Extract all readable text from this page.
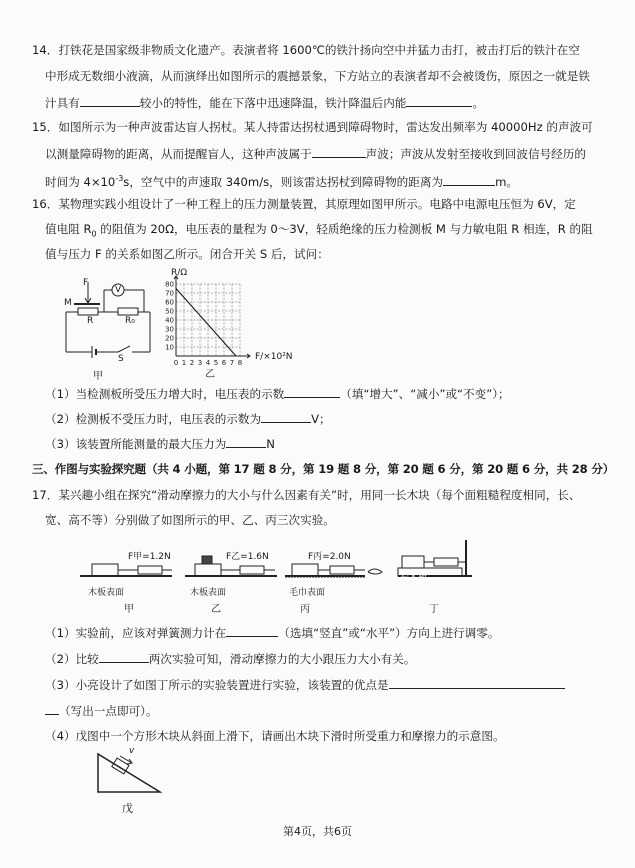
14．打铁花是国家级非物质文化遗产。表演者将 1600℃的铁汁扬向空中并猛力击打，被击打后的铁汁在空
中形成无数细小液滴，从而演绎出如图所示的震撼景象，下方站立的表演者却不会被烫伤，原因之一就是铁
汁具有	较小的特性，能在下落中迅速降温，铁汁降温后内能	。
15．如图所示为一种声波雷达盲人拐杖。某人持雷达拐杖遇到障碍物时，雷达发出频率为 40000Hz 的声波可
以测量障碍物的距离，从而提醒盲人，这种声波属于	声波；声波从发射至接收到回波信号经历的
时间为 $4\times 10^{-3}s$，空气中的声速取 340m/s，则该雷达拐杖到障碍物的距离为	m。
16．某物理实践小组设计了一种工程上的压力测量装置，其原理如图甲所示。电路中电源电压恒为 6V，定
值电阻 $R_0$ 的阻值为 20Ω，电压表的量程为 0～3V，轻质绝缘的压力检测板 M 与力敏电阻 R 相连，R 的阻
值与压力 F 的关系如图乙所示。闭合开关 S 后，试问：
F
M
R	R₀
V
S
甲
0 1 2 3 4 5 6 7 8
10
20
30
40
50
60
70
80
R/Ω
F/×10²N
乙
（1）当检测板所受压力增大时，电压表的示数	（填“增大”、“减小”或“不变”）；
（2）检测板不受压力时，电压表的示数为	V；
（3）该装置所能测量的最大压力为	N
三、作图与实验探究题（共 4 小题，第 17 题 8 分，第 19 题 8 分，第 20 题 6 分，第 20 题 6 分，共 28 分）
17．某兴趣小组在探究“滑动摩擦力的大小与什么因素有关”时，用同一长木块（每个面粗糙程度相同，长、
宽、高不等）分别做了如图所示的甲、乙、丙三次实验。
F甲=1.2N	F乙=1.6N	F丙=2.0N
木板表面	木板表面	毛巾表面
长木板
甲	乙	丙	丁
（1）实验前，应该对弹簧测力计在	（选填“竖直”或“水平”）方向上进行调零。
（2）比较	两次实验可知，滑动摩擦力的大小跟压力大小有关。
（3）小亮设计了如图丁所示的实验装置进行实验，该装置的优点是
（写出一点即可）。
（4）戊图中一个方形木块从斜面上滑下，请画出木块下滑时所受重力和摩擦力的示意图。
v
戊
第4页，共6页
